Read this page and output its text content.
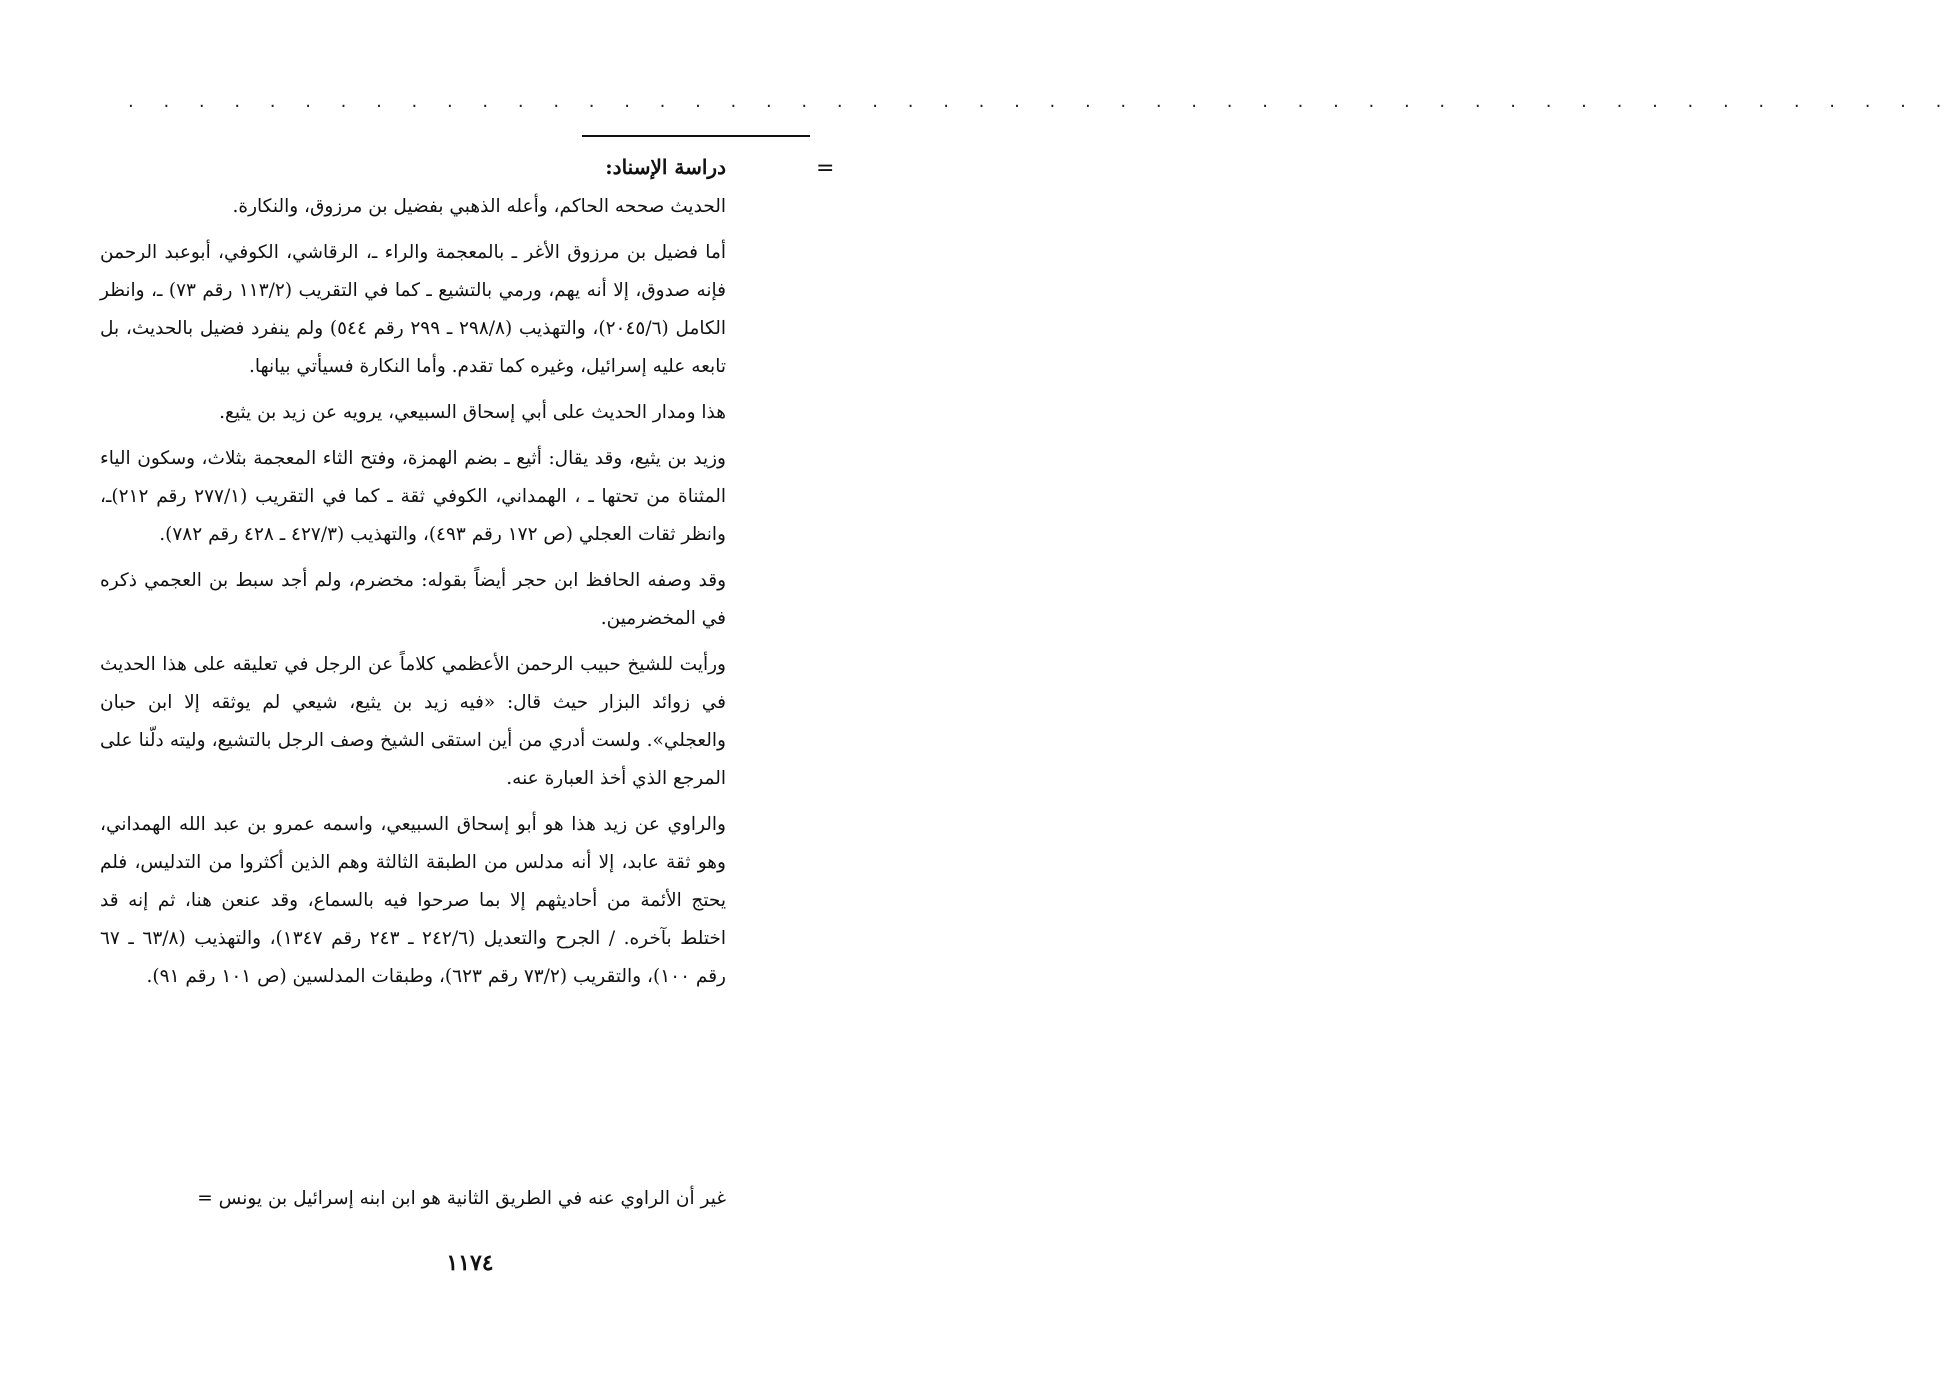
. . . . . . . . . . . . . . . . . . . . . . . . . . . . . . . . . . . . . . . . . . . . . . . . . . . .
=
دراسة الإسناد:

الحديث صححه الحاكم، وأعله الذهبي بفضيل بن مرزوق، والنكارة.

أما فضيل بن مرزوق الأغر ـ بالمعجمة والراء ـ، الرقاشي، الكوفي، أبوعبد الرحمن فإنه صدوق، إلا أنه يهم، ورمي بالتشيع ـ كما في التقريب (١١٣/٢ رقم ٧٣) ـ، وانظر الكامل (٢٠٤٥/٦)، والتهذيب (٢٩٨/٨ ـ ٢٩٩ رقم ٥٤٤) ولم ينفرد فضيل بالحديث، بل تابعه عليه إسرائيل، وغيره كما تقدم. وأما النكارة فسيأتي بيانها.

هذا ومدار الحديث على أبي إسحاق السبيعي، يرويه عن زيد بن يثيع.

وزيد بن يثيع، وقد يقال: أثيع ـ بضم الهمزة، وفتح الثاء المعجمة بثلاث، وسكون الياء المثناة من تحتها ـ ، الهمداني، الكوفي ثقة ـ كما في التقريب (٢٧٧/١ رقم ٢١٢)ـ، وانظر ثقات العجلي (ص ١٧٢ رقم ٤٩٣)، والتهذيب (٤٢٧/٣ ـ ٤٢٨ رقم ٧٨٢).

وقد وصفه الحافظ ابن حجر أيضاً بقوله: مخضرم، ولم أجد سبط بن العجمي ذكره في المخضرمين.

ورأيت للشيخ حبيب الرحمن الأعظمي كلاماً عن الرجل في تعليقه على هذا الحديث في زوائد البزار حيث قال: «فيه زيد بن يثيع، شيعي لم يوثقه إلا ابن حبان والعجلي». ولست أدري من أين استقى الشيخ وصف الرجل بالتشيع، وليته دلّنا على المرجع الذي أخذ العبارة عنه.

والراوي عن زيد هذا هو أبو إسحاق السبيعي، واسمه عمرو بن عبد الله الهمداني، وهو ثقة عابد، إلا أنه مدلس من الطبقة الثالثة وهم الذين أكثروا من التدليس، فلم يحتج الأئمة من أحاديثهم إلا بما صرحوا فيه بالسماع، وقد عنعن هنا، ثم إنه قد اختلط بآخره. / الجرح والتعديل (٢٤٢/٦ ـ ٢٤٣ رقم ١٣٤٧)، والتهذيب (٦٣/٨ ـ ٦٧ رقم ١٠٠)، والتقريب (٧٣/٢ رقم ٦٢٣)، وطبقات المدلسين (ص ١٠١ رقم ٩١).

غير أن الراوي عنه في الطريق الثانية هو ابن ابنه إسرائيل بن يونس =
١١٧٤
